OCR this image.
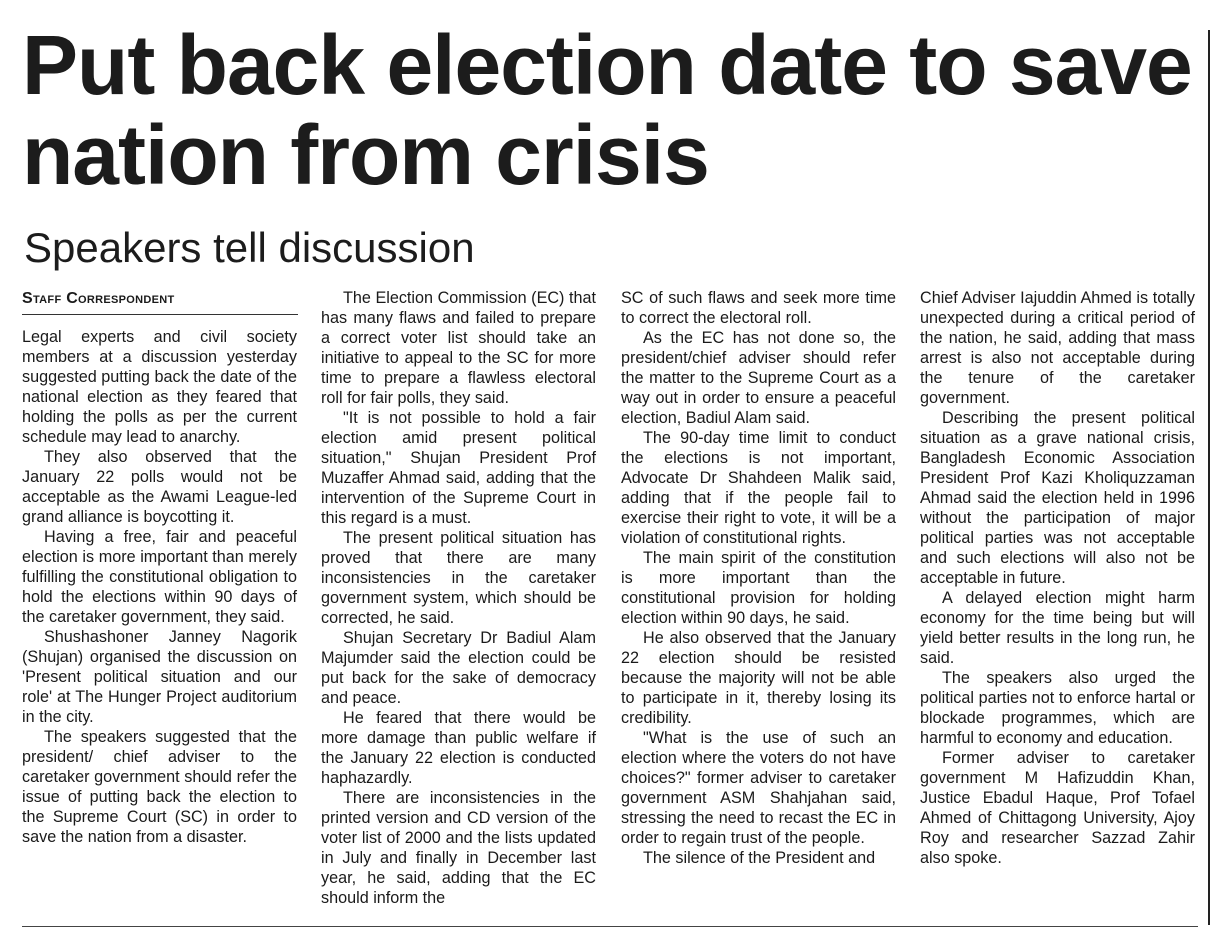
Put back election date to save nation from crisis
Speakers tell discussion
Staff Correspondent

Legal experts and civil society members at a discussion yesterday suggested putting back the date of the national election as they feared that holding the polls as per the current schedule may lead to anarchy.

They also observed that the January 22 polls would not be acceptable as the Awami League-led grand alliance is boycotting it.

Having a free, fair and peaceful election is more important than merely fulfilling the constitutional obligation to hold the elections within 90 days of the caretaker government, they said.

Shushashoner Janney Nagorik (Shujan) organised the discussion on 'Present political situation and our role' at The Hunger Project auditorium in the city.

The speakers suggested that the president/ chief adviser to the caretaker government should refer the issue of putting back the election to the Supreme Court (SC) in order to save the nation from a disaster.

The Election Commission (EC) that has many flaws and failed to prepare a correct voter list should take an initiative to appeal to the SC for more time to prepare a flawless electoral roll for fair polls, they said.

"It is not possible to hold a fair election amid present political situation," Shujan President Prof Muzaffer Ahmad said, adding that the intervention of the Supreme Court in this regard is a must.

The present political situation has proved that there are many inconsistencies in the caretaker government system, which should be corrected, he said.

Shujan Secretary Dr Badiul Alam Majumder said the election could be put back for the sake of democracy and peace.

He feared that there would be more damage than public welfare if the January 22 election is conducted haphazardly.

There are inconsistencies in the printed version and CD version of the voter list of 2000 and the lists updated in July and finally in December last year, he said, adding that the EC should inform the

SC of such flaws and seek more time to correct the electoral roll.

As the EC has not done so, the president/chief adviser should refer the matter to the Supreme Court as a way out in order to ensure a peaceful election, Badiul Alam said.

The 90-day time limit to conduct the elections is not important, Advocate Dr Shahdeen Malik said, adding that if the people fail to exercise their right to vote, it will be a violation of constitutional rights.

The main spirit of the constitution is more important than the constitutional provision for holding election within 90 days, he said.

He also observed that the January 22 election should be resisted because the majority will not be able to participate in it, thereby losing its credibility.

"What is the use of such an election where the voters do not have choices?" former adviser to caretaker government ASM Shahjahan said, stressing the need to recast the EC in order to regain trust of the people.

The silence of the President and

Chief Adviser Iajuddin Ahmed is totally unexpected during a critical period of the nation, he said, adding that mass arrest is also not acceptable during the tenure of the caretaker government.

Describing the present political situation as a grave national crisis, Bangladesh Economic Association President Prof Kazi Kholiquzzaman Ahmad said the election held in 1996 without the participation of major political parties was not acceptable and such elections will also not be acceptable in future.

A delayed election might harm economy for the time being but will yield better results in the long run, he said.

The speakers also urged the political parties not to enforce hartal or blockade programmes, which are harmful to economy and education.

Former adviser to caretaker government M Hafizuddin Khan, Justice Ebadul Haque, Prof Tofael Ahmed of Chittagong University, Ajoy Roy and researcher Sazzad Zahir also spoke.
